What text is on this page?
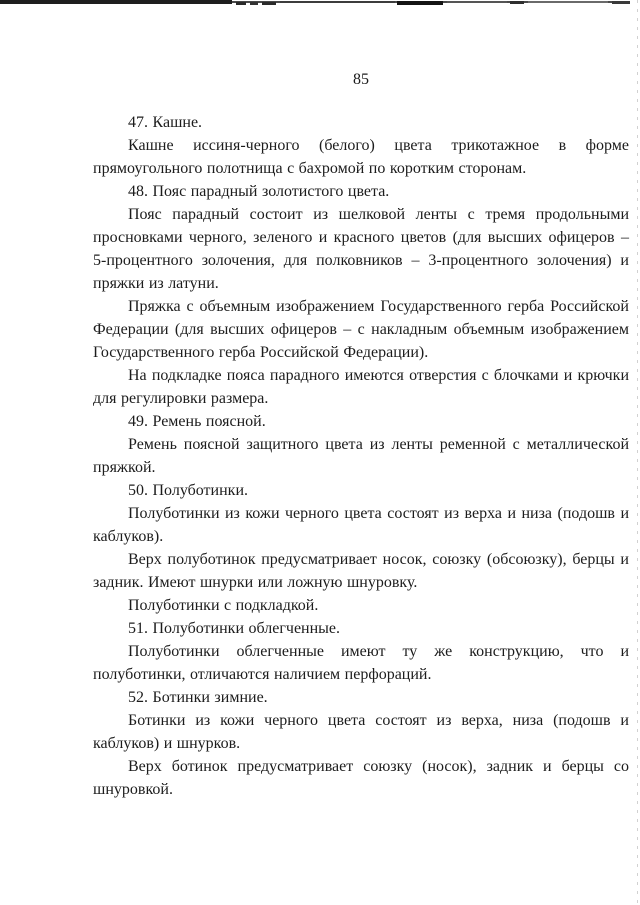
85

47. Кашне.

Кашне иссиня-черного (белого) цвета трикотажное в форме прямоугольного полотнища с бахромой по коротким сторонам.

48. Пояс парадный золотистого цвета.

Пояс парадный состоит из шелковой ленты с тремя продольными просновками черного, зеленого и красного цветов (для высших офицеров – 5-процентного золочения, для полковников – 3-процентного золочения) и пряжки из латуни.

Пряжка с объемным изображением Государственного герба Российской Федерации (для высших офицеров – с накладным объемным изображением Государственного герба Российской Федерации).

На подкладке пояса парадного имеются отверстия с блочками и крючки для регулировки размера.

49. Ремень поясной.

Ремень поясной защитного цвета из ленты ременной с металлической пряжкой.

50. Полуботинки.

Полуботинки из кожи черного цвета состоят из верха и низа (подошв и каблуков).

Верх полуботинок предусматривает носок, союзку (обсоюзку), берцы и задник. Имеют шнурки или ложную шнуровку.

Полуботинки с подкладкой.

51. Полуботинки облегченные.

Полуботинки облегченные имеют ту же конструкцию, что и полуботинки, отличаются наличием перфораций.

52. Ботинки зимние.

Ботинки из кожи черного цвета состоят из верха, низа (подошв и каблуков) и шнурков.

Верх ботинок предусматривает союзку (носок), задник и берцы со шнуровкой.
